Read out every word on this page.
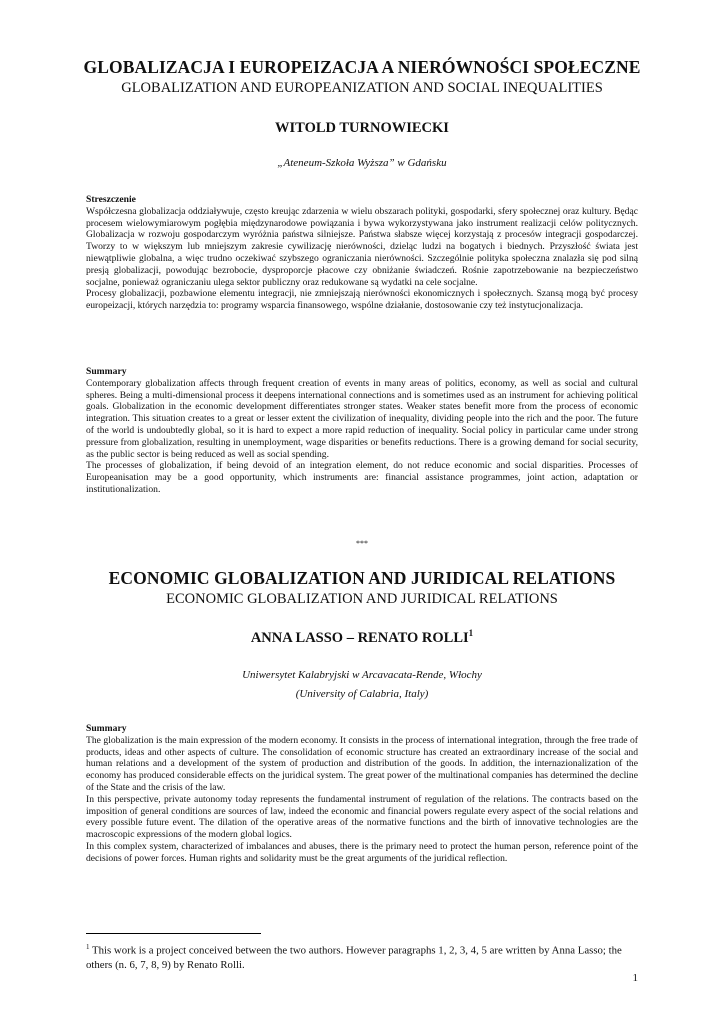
GLOBALIZACJA I EUROPEIZACJA A NIERÓWNOŚCI SPOŁECZNE
GLOBALIZATION AND EUROPEANIZATION AND SOCIAL INEQUALITIES
WITOLD TURNOWIECKI
„Ateneum-Szkoła Wyższa” w Gdańsku
Streszczenie

Współczesna globalizacja oddziaływuje, często kreując zdarzenia w wielu obszarach polityki, gospodarki, sfery społecznej oraz kultury. Będąc procesem wielowymiarowym pogłębia międzynarodowe powiązania i bywa wykorzystywana jako instrument realizacji celów politycznych. Globalizacja w rozwoju gospodarczym wyróżnia państwa silniejsze. Państwa słabsze więcej korzystają z procesów integracji gospodarczej. Tworzy to w większym lub mniejszym zakresie cywilizację nierówności, dzieląc ludzi na bogatych i biednych. Przyszłość świata jest niewątpliwie globalna, a więc trudno oczekiwać szybszego ograniczania nierówności. Szczególnie polityka społeczna znalazła się pod silną presją globalizacji, powodując bezrobocie, dysproporcje płacowe czy obniżanie świadczeń. Rośnie zapotrzebowanie na bezpieczeństwo socjalne, ponieważ ograniczaniu ulega sektor publiczny oraz redukowane są wydatki na cele socjalne.

Procesy globalizacji, pozbawione elementu integracji, nie zmniejszają nierówności ekonomicznych i społecznych. Szansą mogą być procesy europeizacji, których narzędzia to: programy wsparcia finansowego, wspólne działanie, dostosowanie czy też instytucjonalizacja.

Summary

Contemporary globalization affects through frequent creation of events in many areas of politics, economy, as well as social and cultural spheres. Being a multi-dimensional process it deepens international connections and is sometimes used as an instrument for achieving political goals. Globalization in the economic development differentiates stronger states. Weaker states benefit more from the process of economic integration. This situation creates to a great or lesser extent the civilization of inequality, dividing people into the rich and the poor. The future of the world is undoubtedly global, so it is hard to expect a more rapid reduction of inequality. Social policy in particular came under strong pressure from globalization, resulting in unemployment, wage disparities or benefits reductions. There is a growing demand for social security, as the public sector is being reduced as well as social spending.

The processes of globalization, if being devoid of an integration element, do not reduce economic and social disparities. Processes of Europeanisation may be a good opportunity, which instruments are: financial assistance programmes, joint action, adaptation or institutionalization.

***
ECONOMIC GLOBALIZATION AND JURIDICAL RELATIONS
ECONOMIC GLOBALIZATION AND JURIDICAL RELATIONS
ANNA LASSO – RENATO ROLLI$^1$
Uniwersytet Kalabryjski w Arcavacata-Rende, Włochy
(University of Calabria, Italy)
Summary

The globalization is the main expression of the modern economy. It consists in the process of international integration, through the free trade of products, ideas and other aspects of culture. The consolidation of economic structure has created an extraordinary increase of the social and human relations and a development of the system of production and distribution of the goods. In addition, the internazionalization of the economy has produced considerable effects on the juridical system. The great power of the multinational companies has determined the decline of the State and the crisis of the law.

In this perspective, private autonomy today represents the fundamental instrument of regulation of the relations. The contracts based on the imposition of general conditions are sources of law, indeed the economic and financial powers regulate every aspect of the social relations and every possible future event. The dilation of the operative areas of the normative functions and the birth of innovative technologies are the macroscopic expressions of the modern global logics.

In this complex system, characterized of imbalances and abuses, there is the primary need to protect the human person, reference point of the decisions of power forces. Human rights and solidarity must be the great arguments of the juridical reflection.

$^1$ This work is a project conceived between the two authors. However paragraphs 1, 2, 3, 4, 5 are written by Anna Lasso; the others (n. 6, 7, 8, 9) by Renato Rolli.
1
